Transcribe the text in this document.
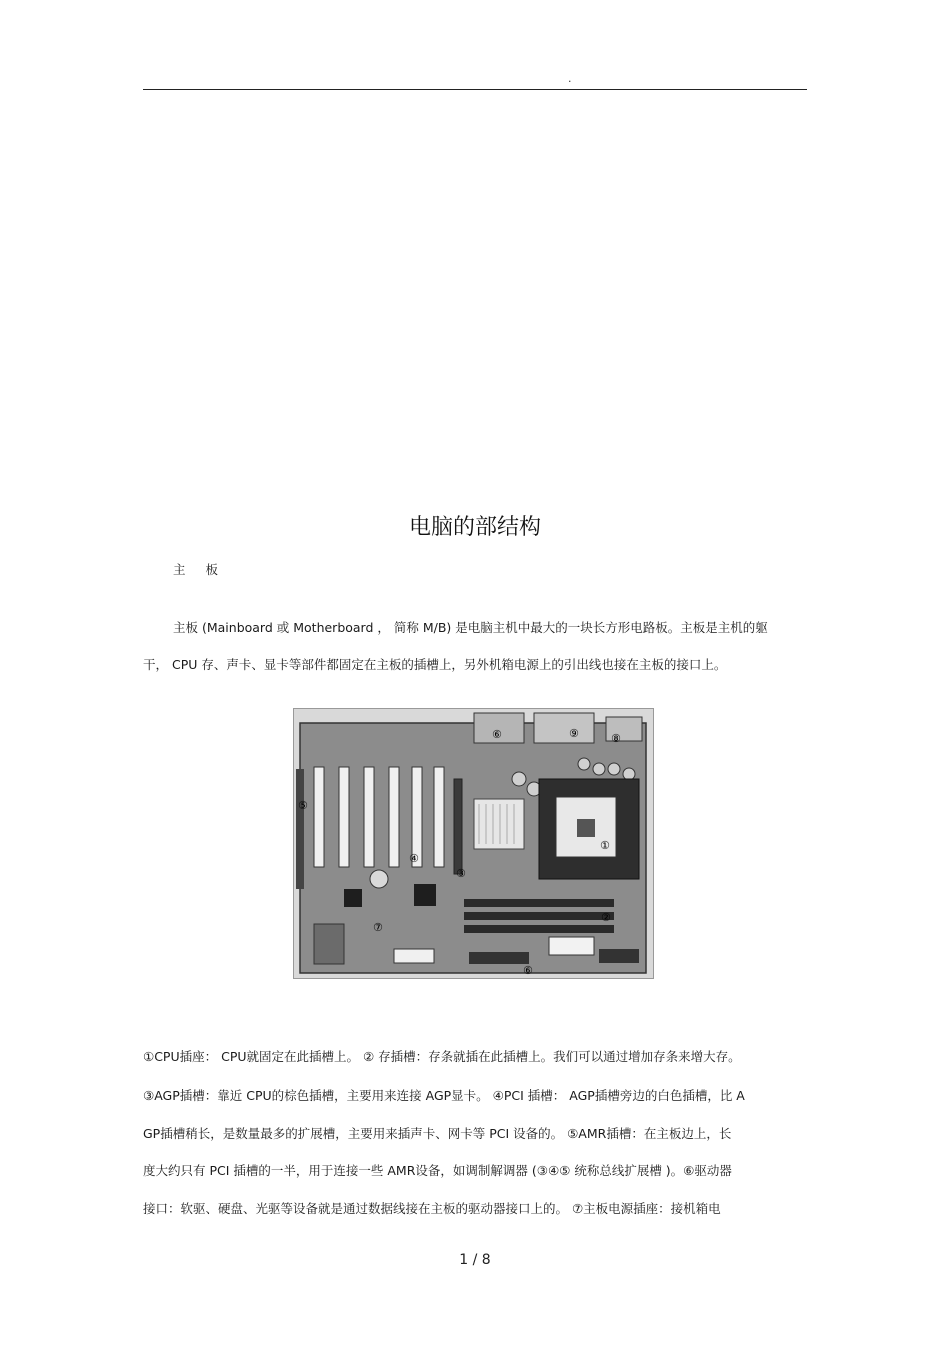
.
电脑的部结构
主 板
主板 (Mainboard 或 Motherboard ， 简称 M/B) 是电脑主机中最大的一块长方形电路板。主板是主机的躯
干， CPU 存、声卡、显卡等部件都固定在主板的插槽上，另外机箱电源上的引出线也接在主板的接口上。
①
②
③
④
⑤
⑥
⑥
⑦
⑧
⑨
①CPU插座： CPU就固定在此插槽上。 ② 存插槽：存条就插在此插槽上。我们可以通过增加存条来增大存。
③AGP插槽：靠近 CPU的棕色插槽，主要用来连接 AGP显卡。 ④PCI 插槽： AGP插槽旁边的白色插槽，比 A
GP插槽稍长，是数量最多的扩展槽，主要用来插声卡、网卡等 PCI 设备的。 ⑤AMR插槽：在主板边上，长
度大约只有 PCI 插槽的一半，用于连接一些 AMR设备，如调制解调器 (③④⑤ 统称总线扩展槽 )。⑥驱动器
接口：软驱、硬盘、光驱等设备就是通过数据线接在主板的驱动器接口上的。 ⑦主板电源插座：接机箱电
1 / 8
